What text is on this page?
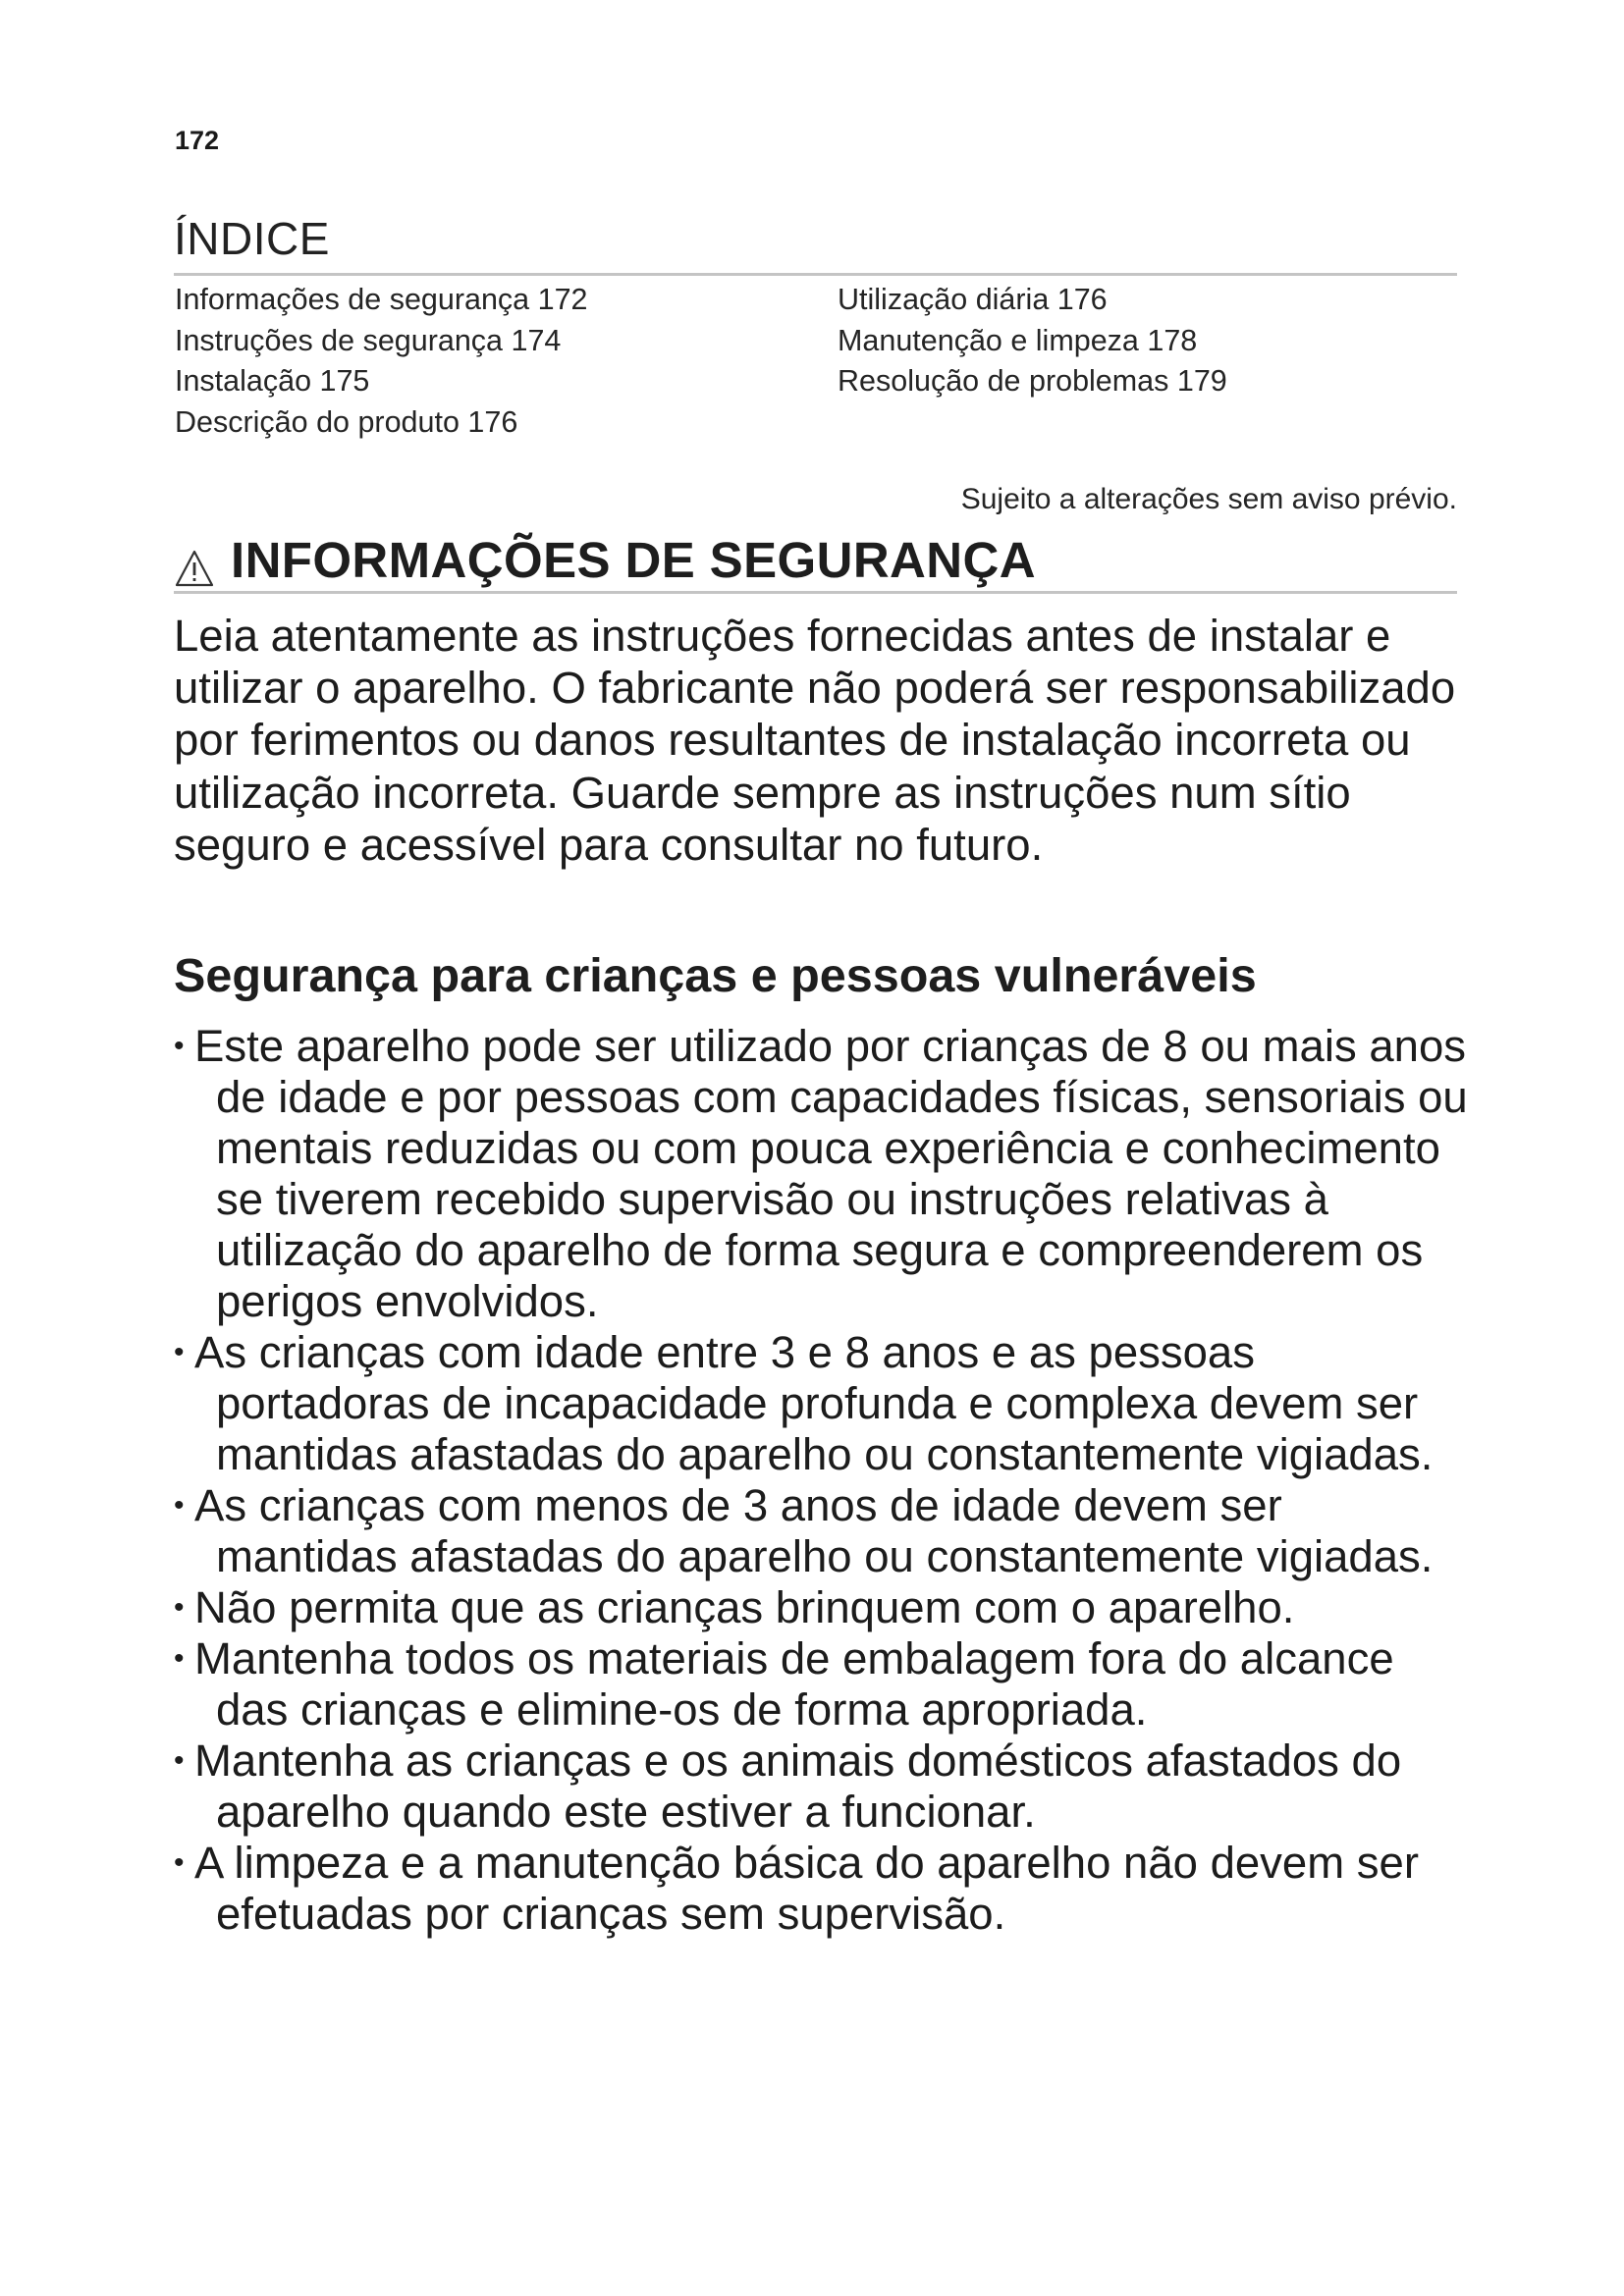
172
ÍNDICE
Informações de segurança 172
Instruções de segurança 174
Instalação 175
Descrição do produto 176
Utilização diária 176
Manutenção e limpeza 178
Resolução de problemas 179
Sujeito a alterações sem aviso prévio.
INFORMAÇÕES DE SEGURANÇA

Leia atentamente as instruções fornecidas antes de instalar e utilizar o aparelho. O fabricante não poderá ser responsabilizado por ferimentos ou danos resultantes de instalação incorreta ou utilização incorreta. Guarde sempre as instruções num sítio seguro e acessível para consultar no futuro.

Segurança para crianças e pessoas vulneráveis
• Este aparelho pode ser utilizado por crianças de 8 ou mais anos de idade e por pessoas com capacidades físicas, sensoriais ou mentais reduzidas ou com pouca experiência e conhecimento se tiverem recebido supervisão ou instruções relativas à utilização do aparelho de forma segura e compreenderem os perigos envolvidos.
• As crianças com idade entre 3 e 8 anos e as pessoas portadoras de incapacidade profunda e complexa devem ser mantidas afastadas do aparelho ou constantemente vigiadas.
• As crianças com menos de 3 anos de idade devem ser mantidas afastadas do aparelho ou constantemente vigiadas.
• Não permita que as crianças brinquem com o aparelho.
• Mantenha todos os materiais de embalagem fora do alcance das crianças e elimine-os de forma apropriada.
• Mantenha as crianças e os animais domésticos afastados do aparelho quando este estiver a funcionar.
• A limpeza e a manutenção básica do aparelho não devem ser efetuadas por crianças sem supervisão.
